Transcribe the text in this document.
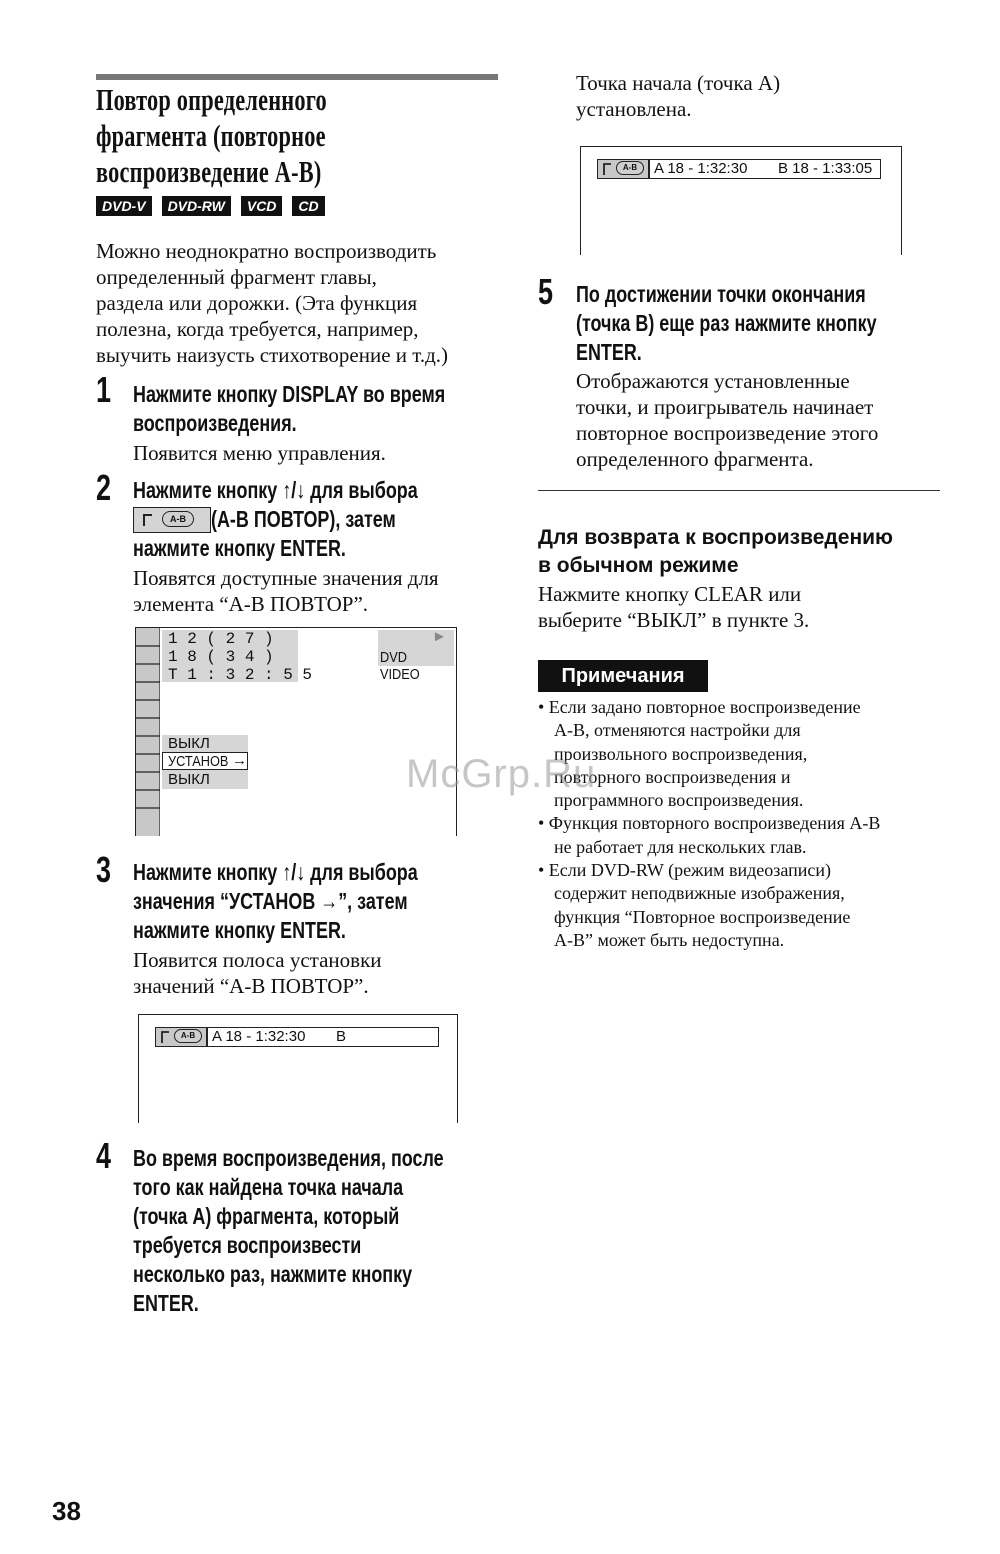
Повтор определенного
фрагмента (повторное
воспроизведение A-B)
DVD-V	DVD-RW	VCD	CD
Можно неоднократно воспроизводить
определенный фрагмент главы,
раздела или дорожки. (Эта функция
полезна, когда требуется, например,
выучить наизусть стихотворение и т.д.)
1 Нажмите кнопку DISPLAY во время
воспроизведения.
Появится меню управления.
2 Нажмите кнопку ↑/↓ для выбора
(A-B ПОВТОР), затем
нажмите кнопку ENTER.
A-B
Появятся доступные значения для
элемента “A-B ПОВТОР”.
1 2 ( 2 7 )
1 8 ( 3 4 )
T 1 : 3 2 : 5 5
►
DVD VIDEO
ВЫКЛ
УСТАНОВ →
ВЫКЛ
3 Нажмите кнопку ↑/↓ для выбора
значения “УСТАНОВ →”, затем
нажмите кнопку ENTER.
Появится полоса установки
значений “A-B ПОВТОР”.
A-B	A 18 - 1:32:30 B
4 Во время воспроизведения, после
того как найдена точка начала
(точка A) фрагмента, который
требуется воспроизвести
несколько раз, нажмите кнопку
ENTER.
Точка начала (точка A)
установлена.
A-B	A 18 - 1:32:30 B 18 - 1:33:05
5 По достижении точки окончания
(точка B) еще раз нажмите кнопку
ENTER.
Отображаются установленные
точки, и проигрыватель начинает
повторное воспроизведение этого
определенного фрагмента.
Для возврата к воспроизведению
в обычном режиме
Нажмите кнопку CLEAR или
выберите “ВЫКЛ” в пункте 3.
Примечания
• Если задано повторное воспроизведение
A-B, отменяются настройки для
произвольного воспроизведения,
повторного воспроизведения и
программного воспроизведения.
• Функция повторного воспроизведения A-B
не работает для нескольких глав.
• Если DVD-RW (режим видеозаписи)
содержит неподвижные изображения,
функция “Повторное воспроизведение
A-B” может быть недоступна.
McGrp.Ru
38
